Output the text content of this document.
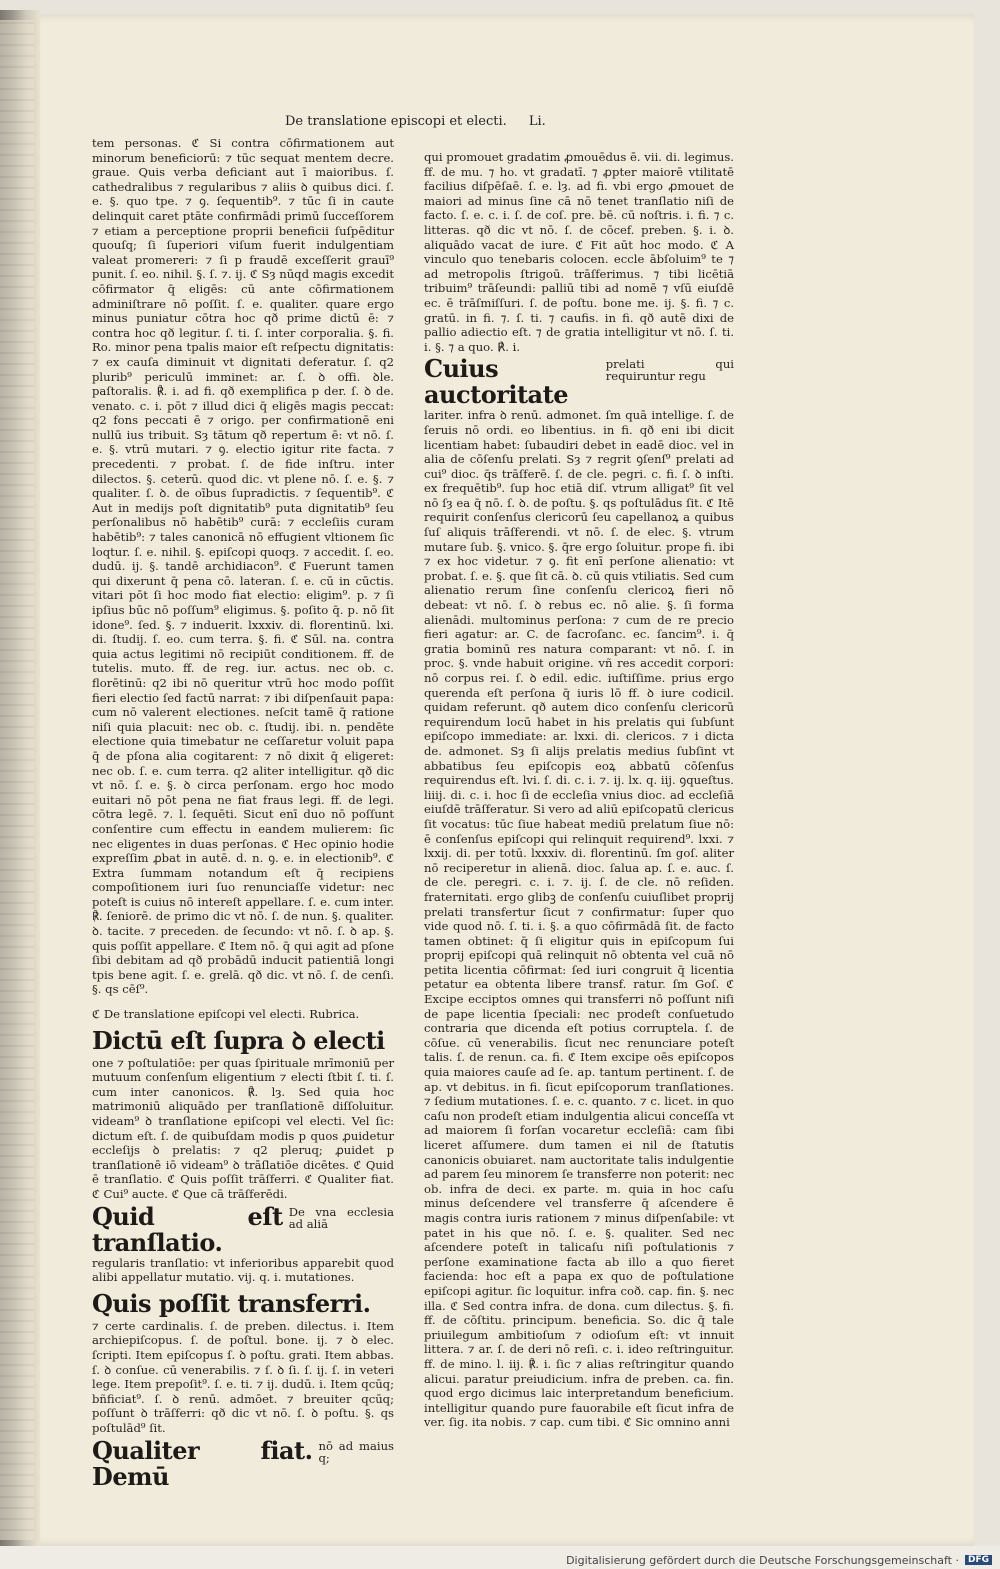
De translatione episcopi et electi. Li.

tem personas. ℭ Si contra cōfirmationem aut minorum beneficiorū: ⁊ tūc sequat mentem decre. graue. Quis verba deficiant aut ī maioribus. ſ. cathedralibus ⁊ regularibus ⁊ aliis ꝺ quibus dici. ſ. e. §. quo tpe. ⁊ ꝯ. ſequentib⁹. ⁊ tūc ſi in caute delinquit caret ptāte confirmādi primū ſucceſſorem ⁊ etiam a perceptione proprii beneficii ſuſpēditur quouſq; ſi ſuperiori viſum fuerit indulgentiam valeat promereri: ⁊ ſi p fraudē exceſſerit grauī⁹ punit. ſ. eo. nihil. §. ſ. ⁊. ij. ℭ Sȝ nūqd magis excedit cōfirmator q̄ eligēs: cū ante cōfirmationem adminiſtrare nō poſſit. ſ. e. qualiter. quare ergo minus puniatur cōtra hoc qð prime dictū ē: ⁊ contra hoc qð legitur. ſ. ti. ſ. inter corporalia. §. fi. Ro. minor pena tpalis maior eſt reſpectu dignitatis: ⁊ ex cauſa diminuit vt dignitati deferatur. ſ. q2 plurib⁹ periculū imminet: ar. ſ. ꝺ offi. ꝺle. paſtoralis. ℟. i. ad fi. qð exemplifica p der. ſ. ꝺ de. venato. c. i. pōt ⁊ illud dici q̄ eligēs magis peccat: q2 fons peccati ē ⁊ origo. per confirmationē eni nullū ius tribuit. Sȝ tātum qð repertum ē: vt nō. ſ. e. §. vtrū mutari. ⁊ ꝯ. electio igitur rite facta. ⁊ precedenti. ⁊ probat. ſ. de fide inſtru. inter dilectos. §. ceterū. quod dic. vt plene nō. ſ. e. §. ⁊ qualiter. ſ. ꝺ. de oībus ſupradictis. ⁊ ſequentib⁹. ℭ Aut in medijs poſt dignitatib⁹ puta dignitatib⁹ ſeu perſonalibus nō habētib⁹ curā: ⁊ eccleſiis curam habētib⁹: ⁊ tales canonicā nō effugient vltionem ſic loqtur. ſ. e. nihil. §. epiſcopi quoqȝ. ⁊ accedit. ſ. eo. dudū. ij. §. tandē archidiacon⁹. ℭ Fuerunt tamen qui dixerunt q̄ pena cō. lateran. ſ. e. cū in cūctis. vitari pōt ſi hoc modo fiat electio: eligim⁹. p. ⁊ ſi ipſius būc nō poſſum⁹ eligimus. §. poſito q̄. p. nō ſit idone⁹. ſed. §. ⁊ induerit. lxxxiv. di. florentinū. lxi. di. ſtudij. ſ. eo. cum terra. §. fi. ℭ Sūl. na. contra quia actus legitimi nō recipiūt conditionem. ff. de tutelis. muto. ff. de reg. iur. actus. nec ob. c. florētinū: q2 ibi nō queritur vtrū hoc modo poſſit fieri electio ſed factū narrat: ⁊ ibi diſpenſauit papa: cum nō valerent electiones. neſcit tamē q̄ ratione niſi quia placuit: nec ob. c. ſtudij. ibi. n. pendēte electione quia timebatur ne ceſſaretur voluit papa q̄ de pſona alia cogitarent: ⁊ nō dixit q̄ eligeret: nec ob. ſ. e. cum terra. q2 aliter intelligitur. qð dic vt nō. ſ. e. §. ꝺ circa perſonam. ergo hoc modo euitari nō pōt pena ne fiat fraus legi. ff. de legi. cōtra legē. ⁊. l. ſequēti. Sicut enī duo nō poſſunt conſentire cum effectu in eandem mulierem: ſic nec eligentes in duas perſonas. ℭ Hec opinio hodie expreſſim ꝓbat in autē. d. n. ꝯ. e. in electionib⁹. ℭ Extra ſummam notandum eſt q̄ recipiens compoſitionem iuri ſuo renunciaſſe videtur: nec poteſt is cuius nō intereſt appellare. ſ. e. cum inter. ℟. ſeniorē. de primo dic vt nō. ſ. de nun. §. qualiter. ꝺ. tacite. ⁊ preceden. de ſecundo: vt nō. ſ. ꝺ ap. §. quis poſſit appellare. ℭ Item nō. q̄ qui agit ad pſone ſibi debitam ad qð probādū inducit patientiā longi tpis bene agit. ſ. e. grelā. qð dic. vt nō. ſ. de cenſi. §. qs cēſ⁹.

ℭ De translatione epiſcopi vel electi. Rubrica.
Dictū eſt ſupra ꝺ electi

one ⁊ poſtulatiōe: per quas ſpirituale mrīmoniū per mutuum conſenſum eligentium ⁊ electi ſtbit ſ. ti. ſ. cum inter canonicos. ℟. lȝ. Sed quia hoc matrimoniū aliquādo per tranſlationē diſſoluitur. videam⁹ ꝺ tranſlatione epiſcopi vel electi. Vel ſic: dictum eſt. ſ. de quibuſdam modis p quos ꝓuidetur eccleſijs ꝺ prelatis: ⁊ q2 pleruq; ꝓuidet p tranſlationē iō videam⁹ ꝺ trāſlatiōe dicētes. ℭ Quid ē tranſlatio. ℭ Quis poſſit trāſferri. ℭ Qualiter fiat. ℭ Cui⁹ aucte. ℭ Que cā trāſferēdi.

Quid eſt tranſlatio.
De vna ecclesia ad aliā

regularis tranſlatio: vt inferioribus apparebit quod alibi appellatur mutatio. vij. q. i. mutationes.

Quis poſſit transferri.

⁊ certe cardinalis. ſ. de preben. dilectus. i. Item archiepiſcopus. ſ. de poſtul. bone. ij. ⁊ ꝺ elec. ſcripti. Item epiſcopus ſ. ꝺ poſtu. grati. Item abbas. ſ. ꝺ conſue. cū venerabilis. ⁊ ſ. ꝺ ſi. ſ. ij. ſ. in veteri lege. Item prepoſit⁹. ſ. e. ti. ⁊ ij. dudū. i. Item qcūq; bñficiat⁹. ſ. ꝺ renū. admōet. ⁊ breuiter qcūq; poſſunt ꝺ trāſferri: qð dic vt nō. ſ. ꝺ poſtu. §. qs poſtulād⁹ ſit.

Qualiter fiat. Demū
nō ad maius q;

qui promouet gradatim ꝓmouēdus ē. vii. di. legimus. ff. de mu. ⁊ ho. vt gradatī. ⁊ ꝓpter maiorē vtilitatē facilius diſpēſaē. ſ. e. lȝ. ad fi. vbi ergo ꝓmouet de maiori ad minus ſine cā nō tenet tranſlatio niſi de facto. ſ. e. c. i. ſ. de coſ. pre. bē. cū noſtris. i. fi. ⁊ c. litteras. qð dic vt nō. ſ. de cōcef. preben. §. i. ꝺ. aliquādo vacat de iure. ℭ Fit aūt hoc modo. ℭ A vinculo quo tenebaris colocen. eccle ābſoluim⁹ te ⁊ ad metropolis ſtrigoū. trāſferimus. ⁊ tibi licētiā tribuim⁹ trāſeundi: palliū tibi ad nomē ⁊ vſū eiuſdē ec. ē trāſmiſſuri. ſ. de poſtu. bone me. ij. §. fi. ⁊ c. gratū. in fi. ⁊. ſ. ti. ⁊ caufis. in fi. qð autē dixi de pallio adiectio eſt. ⁊ de gratia intelligitur vt nō. ſ. ti. i. §. ⁊ a quo. ℟. i.

Cuius auctoritate
prelati qui requiruntur regu

lariter. infra ꝺ renū. admonet. ſm quā intellige. ſ. de ſeruis nō ordi. eo libentius. in fi. qð eni ibi dicit licentiam habet: ſubaudiri debet in eadē dioc. vel in alia de cōſenſu prelati. Sȝ ⁊ regrit ꝯſenſ⁹ prelati ad cui⁹ dioc. q̄s trāſferē. ſ. de cle. pegri. c. fi. ſ. ꝺ inſti. ex frequētib⁹. ſup hoc etiā diſ. vtrum alligat⁹ ſit vel nō ſȝ ea q̄ nō. ſ. ꝺ. de poſtu. §. qs poſtulādus ſit. ℭ Itē requirit conſenſus clericorū ſeu capellanoꝝ a quibus ſuſ aliquis trāſferendi. vt nō. ſ. de elec. §. vtrum mutare ſub. §. vnico. §. q̄re ergo ſoluitur. prope fi. ibi ⁊ ex hoc videtur. ⁊ ꝯ. fit enī perſone alienatio: vt probat. ſ. e. §. que ſit cā. ꝺ. cū quis vtiliatis. Sed cum alienatio rerum ſine conſenſu clericoꝝ fieri nō debeat: vt nō. ſ. ꝺ rebus ec. nō alie. §. ſi forma alienādi. multominus perſona: ⁊ cum de re precio fieri agatur: ar. C. de ſacroſanc. ec. ſancim⁹. i. q̄ gratia bominū res natura comparant: vt nō. ſ. in proc. §. vnde habuit origine. vñ res accedit corpori: nō corpus rei. ſ. ꝺ edil. edic. iuſtiſſime. prius ergo querenda eſt perſona q̄ iuris lō ff. ꝺ iure codicil. quidam referunt. qð autem dico conſenſu clericorū requirendum locū habet in his prelatis qui ſubſunt epiſcopo immediate: ar. lxxi. di. clericos. ⁊ i dicta de. admonet. Sȝ ſi alijs prelatis medius ſubſint vt abbatibus ſeu epiſcopis eoꝝ abbatū cōſenſus requirendus eſt. lvi. ſ. di. c. i. ⁊. ij. lx. q. iij. ꝯqueſtus. liiij. di. c. i. hoc ſi de eccleſia vnius dioc. ad eccleſiā eiuſdē trāſferatur. Si vero ad aliū epiſcopatū clericus ſit vocatus: tūc ſiue habeat mediū prelatum ſiue nō: ē conſenſus epiſcopi qui relinquit requirend⁹. lxxi. ⁊ lxxij. di. per totū. lxxxiv. di. florentinū. ſm goſ. aliter nō reciperetur in alienā. dioc. ſalua ap. ſ. e. auc. ſ. de cle. peregri. c. i. ⁊. ij. ſ. de cle. nō reſiden. fraternitati. ergo glibꝫ de conſenſu cuiuſlibet proprij prelati transfertur ſicut ⁊ confirmatur: ſuper quo vide quod nō. ſ. ti. i. §. a quo cōfirmādā ſit. de facto tamen obtinet: q̄ ſi eligitur quis in epiſcopum ſui proprij epiſcopi quā relinquit nō obtenta vel cuā nō petita licentia cōfirmat: ſed iuri congruit q̄ licentia petatur ea obtenta libere transf. ratur. ſm Goſ. ℭ Excipe ecciptos omnes qui transferri nō poſſunt niſi de pape licentia ſpeciali: nec prodeſt conſuetudo contraria que dicenda eſt potius corruptela. ſ. de cōſue. cū venerabilis. ſicut nec renunciare poteſt talis. ſ. de renun. ca. fi. ℭ Item excipe oēs epiſcopos quia maiores cauſe ad ſe. ap. tantum pertinent. ſ. de ap. vt debitus. in fi. ſicut epiſcoporum tranſlationes. ⁊ ſedium mutationes. ſ. e. c. quanto. ⁊ c. licet. in quo caſu non prodeſt etiam indulgentia alicui conceſſa vt ad maiorem ſi forſan vocaretur eccleſiā: cam ſibi liceret aſſumere. dum tamen ei nil de ſtatutis canonicis obuiaret. nam auctoritate talis indulgentie ad parem ſeu minorem ſe transferre non poterit: nec ob. infra de deci. ex parte. m. quia in hoc caſu minus deſcendere vel transferre q̄ aſcendere ē magis contra iuris rationem ⁊ minus diſpenſabile: vt patet in his que nō. ſ. e. §. qualiter. Sed nec aſcendere poteſt in talicaſu niſi poſtulationis ⁊ perſone examinatione facta ab illo a quo fieret facienda: hoc eſt a papa ex quo de poſtulatione epiſcopi agitur. ſic loquitur. infra coð. cap. fin. §. nec illa. ℭ Sed contra infra. de dona. cum dilectus. §. fi. ff. de cōſtitu. principum. beneficia. So. dic q̄ tale priuilegum ambitioſum ⁊ odioſum eſt: vt innuit littera. ⁊ ar. ſ. de deri nō reſi. c. i. ideo reſtringuitur. ff. de mino. l. iij. ℟. i. ſic ⁊ alias reſtringitur quando alicui. paratur preiudicium. infra de preben. ca. fin. quod ergo dicimus laic interpretandum beneficium. intelligitur quando pure fauorabile eſt ſicut infra de ver. ſig. ita nobis. ⁊ cap. cum tibi. ℭ Sic omnino anni

Digitalisierung gefördert durch die Deutsche Forschungsgemeinschaft ·	DFG
